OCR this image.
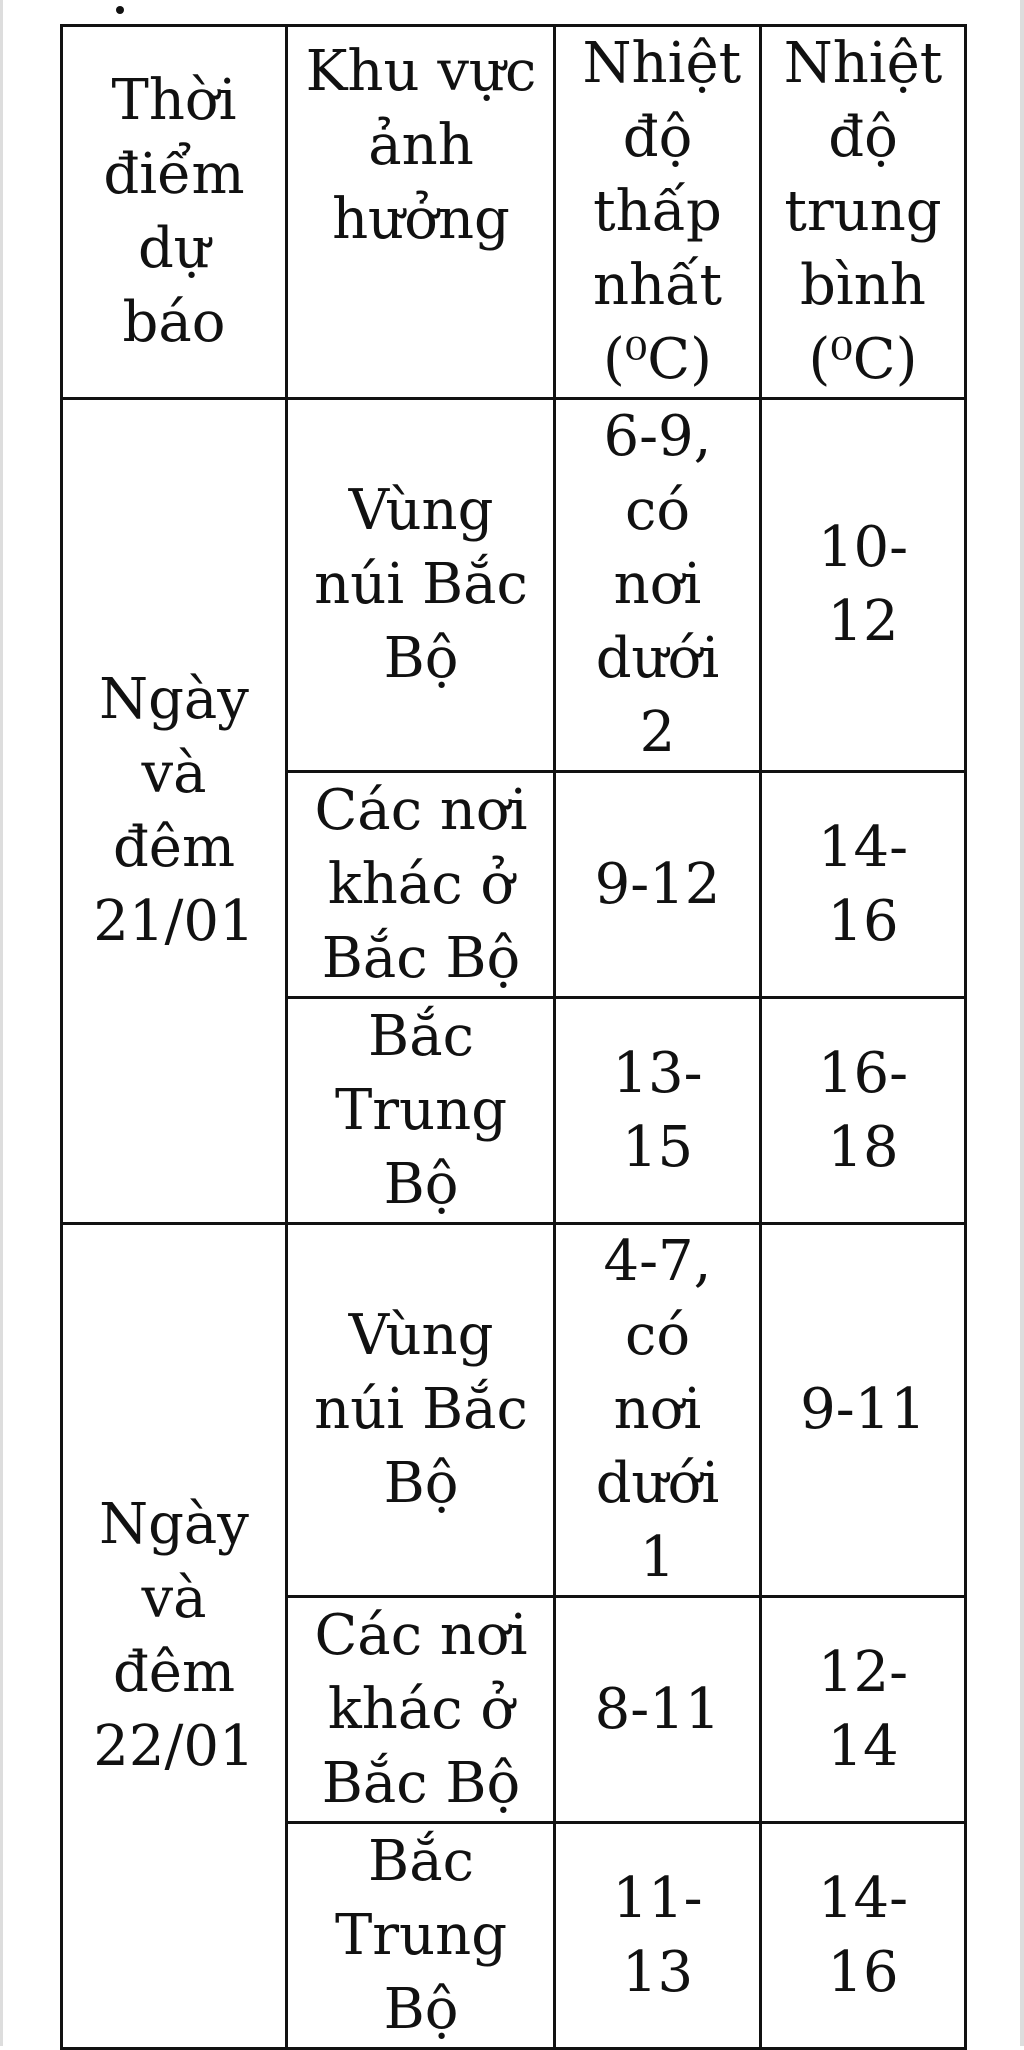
Thời điểm dự báo	Khu vực ảnh hưởng	Nhiệt độ thấp nhất (⁰C)	Nhiệt độ trung bình (⁰C)

Ngày và đêm 21/01	Vùng núi Bắc Bộ	6-9, có nơi dưới 2	10-12

	Các nơi khác ở Bắc Bộ	9-12	14-16

	Bắc Trung Bộ	13-15	16-18

Ngày và đêm 22/01	Vùng núi Bắc Bộ	4-7, có nơi dưới 1	9-11

	Các nơi khác ở Bắc Bộ	8-11	12-14

	Bắc Trung Bộ	11-13	14-16
